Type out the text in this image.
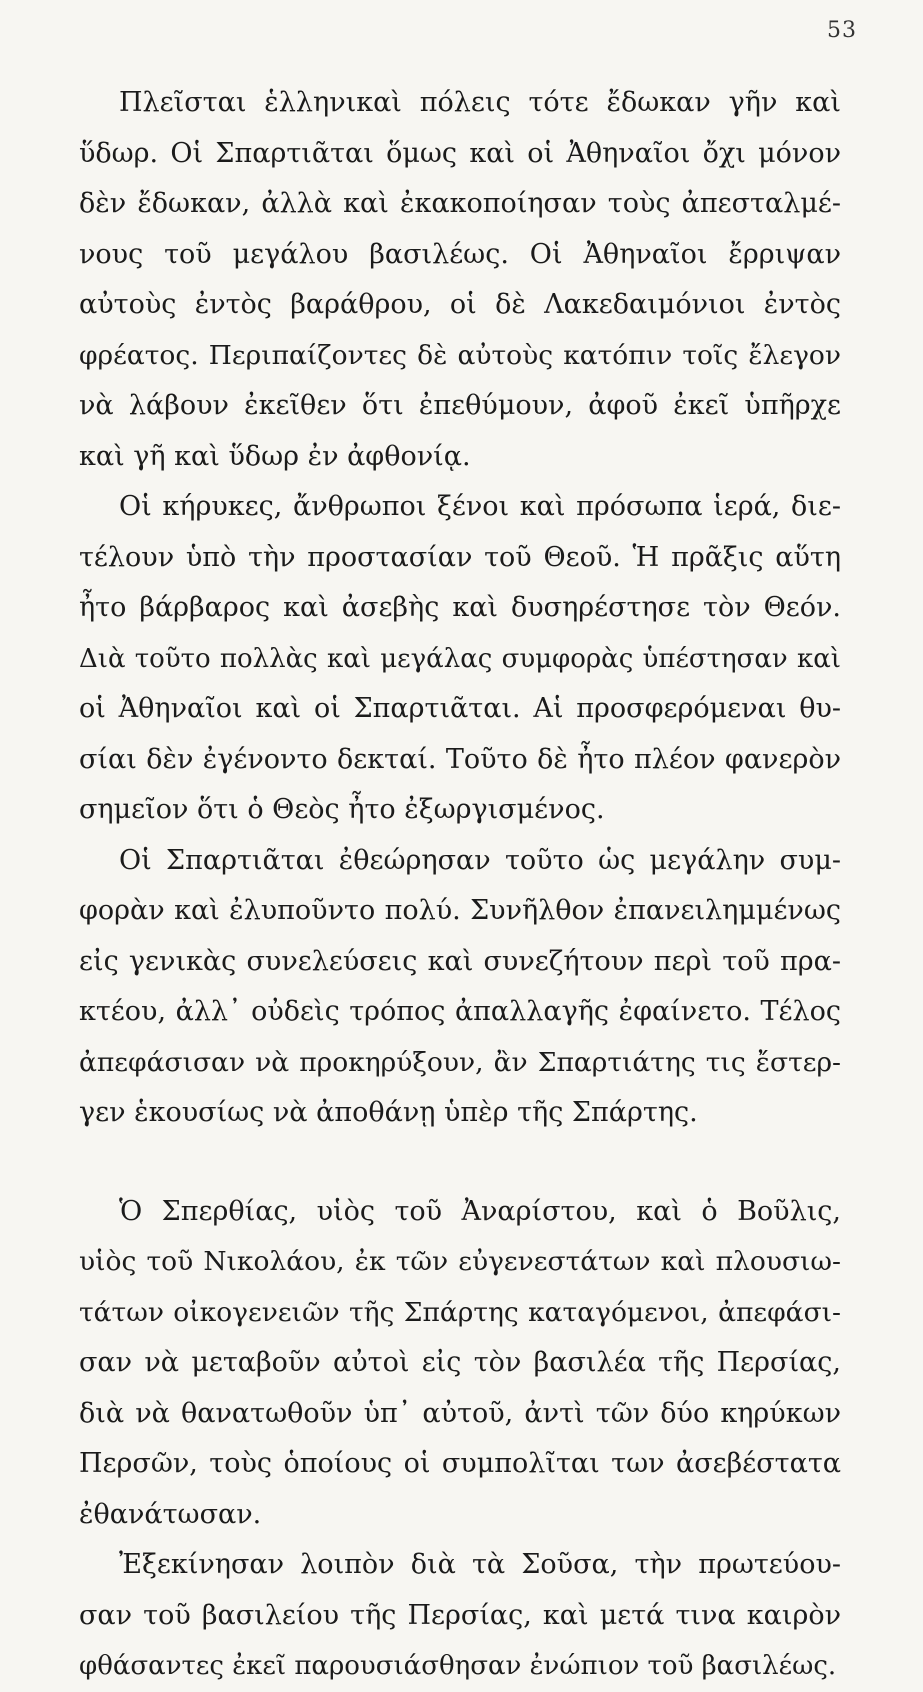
53
Πλεῖσται ἑλληνικαὶ πόλεις τότε ἔδωκαν γῆν καὶ
ὕδωρ. Οἱ Σπαρτιᾶται ὅμως καὶ οἱ Ἀθηναῖοι ὄχι μόνον
δὲν ἔδωκαν, ἀλλὰ καὶ ἐκακοποίησαν τοὺς ἀπεσταλμέ-
νους τοῦ μεγάλου βασιλέως. Οἱ Ἀθηναῖοι ἔρριψαν
αὐτοὺς ἐντὸς βαράθρου, οἱ δὲ Λακεδαιμόνιοι ἐντὸς
φρέατος. Περιπαίζοντες δὲ αὐτοὺς κατόπιν τοῖς ἔλεγον
νὰ λάβουν ἐκεῖθεν ὅτι ἐπεθύμουν, ἀφοῦ ἐκεῖ ὑπῆρχε
καὶ γῆ καὶ ὕδωρ ἐν ἀφθονίᾳ.
Οἱ κήρυκες, ἄνθρωποι ξένοι καὶ πρόσωπα ἱερά, διε-
τέλουν ὑπὸ τὴν προστασίαν τοῦ Θεοῦ. Ἡ πρᾶξις αὕτη
ἦτο βάρβαρος καὶ ἀσεβὴς καὶ δυσηρέστησε τὸν Θεόν.
Διὰ τοῦτο πολλὰς καὶ μεγάλας συμφορὰς ὑπέστησαν καὶ
οἱ Ἀθηναῖοι καὶ οἱ Σπαρτιᾶται. Αἱ προσφερόμεναι θυ-
σίαι δὲν ἐγένοντο δεκταί. Τοῦτο δὲ ἦτο πλέον φανερὸν
σημεῖον ὅτι ὁ Θεὸς ἦτο ἐξωργισμένος.
Οἱ Σπαρτιᾶται ἐθεώρησαν τοῦτο ὡς μεγάλην συμ-
φορὰν καὶ ἐλυποῦντο πολύ. Συνῆλθον ἐπανειλημμένως
εἰς γενικὰς συνελεύσεις καὶ συνεζήτουν περὶ τοῦ πρα-
κτέου, ἀλλ᾽ οὐδεὶς τρόπος ἀπαλλαγῆς ἐφαίνετο. Τέλος
ἀπεφάσισαν νὰ προκηρύξουν, ἂν Σπαρτιάτης τις ἔστερ-
γεν ἑκουσίως νὰ ἀποθάνῃ ὑπὲρ τῆς Σπάρτης.
Ὁ Σπερθίας, υἱὸς τοῦ Ἀναρίστου, καὶ ὁ Βοῦλις,
υἱὸς τοῦ Νικολάου, ἐκ τῶν εὐγενεστάτων καὶ πλουσιω-
τάτων οἰκογενειῶν τῆς Σπάρτης καταγόμενοι, ἀπεφάσι-
σαν νὰ μεταβοῦν αὐτοὶ εἰς τὸν βασιλέα τῆς Περσίας,
διὰ νὰ θανατωθοῦν ὑπ᾽ αὐτοῦ, ἀντὶ τῶν δύο κηρύκων
Περσῶν, τοὺς ὁποίους οἱ συμπολῖται των ἀσεβέστατα
ἐθανάτωσαν.
Ἐξεκίνησαν λοιπὸν διὰ τὰ Σοῦσα, τὴν πρωτεύου-
σαν τοῦ βασιλείου τῆς Περσίας, καὶ μετά τινα καιρὸν
φθάσαντες ἐκεῖ παρουσιάσθησαν ἐνώπιον τοῦ βασιλέως.
